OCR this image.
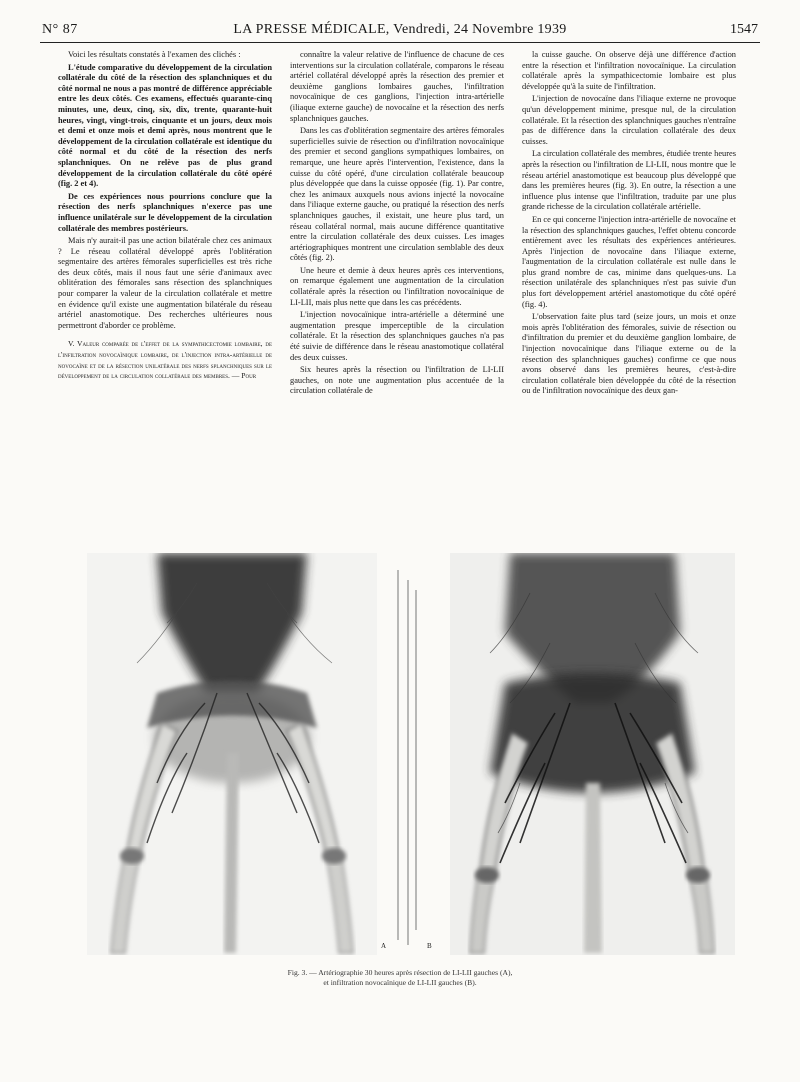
N° 87	LA PRESSE MÉDICALE, Vendredi, 24 Novembre 1939	1547

Voici les résultats constatés à l'examen des clichés :

L'étude comparative du développement de la circulation collatérale du côté de la résection des splanchniques et du côté normal ne nous a pas montré de différence appréciable entre les deux côtés. Ces examens, effectués quarante-cinq minutes, une, deux, cinq, six, dix, trente, quarante-huit heures, vingt, vingt-trois, cinquante et un jours, deux mois et demi et onze mois et demi après, nous montrent que le développement de la circulation collatérale est identique du côté normal et du côté de la résection des nerfs splanchniques. On ne relève pas de plus grand développement de la circulation collatérale du côté opéré (fig. 2 et 4).

De ces expériences nous pourrions conclure que la résection des nerfs splanchniques n'exerce pas une influence unilatérale sur le développement de la circulation collatérale des membres postérieurs.

Mais n'y aurait-il pas une action bilatérale chez ces animaux ? Le réseau collatéral développé après l'oblitération segmentaire des artères fémorales superficielles est très riche des deux côtés, mais il nous faut une série d'animaux avec oblitération des fémorales sans résection des splanchniques pour comparer la valeur de la circulation collatérale et mettre en évidence qu'il existe une augmentation bilatérale du réseau artériel anastomotique. Des recherches ultérieures nous permettront d'aborder ce problème.

V. Valeur comparée de l'effet de la sympathicectomie lombaire, de l'infiltration novocaïnique lombaire, de l'injection intra-artérielle de novocaïne et de la résection unilatérale des nerfs splanchniques sur le développement de la circulation collatérale des membres. — Pour

connaître la valeur relative de l'influence de chacune de ces interventions sur la circulation collatérale, comparons le réseau artériel collatéral développé après la résection des premier et deuxième ganglions lombaires gauches, l'infiltration novocaïnique de ces ganglions, l'injection intra-artérielle (iliaque externe gauche) de novocaïne et la résection des nerfs splanchniques gauches.

Dans les cas d'oblitération segmentaire des artères fémorales superficielles suivie de résection ou d'infiltration novocaïnique des premier et second ganglions sympathiques lombaires, on remarque, une heure après l'intervention, l'existence, dans la cuisse du côté opéré, d'une circulation collatérale beaucoup plus développée que dans la cuisse opposée (fig. 1). Par contre, chez les animaux auxquels nous avions injecté la novocaïne dans l'iliaque externe gauche, ou pratiqué la résection des nerfs splanchniques gauches, il existait, une heure plus tard, un réseau collatéral normal, mais aucune différence quantitative entre la circulation collatérale des deux cuisses. Les images artériographiques montrent une circulation semblable des deux côtés (fig. 2).

Une heure et demie à deux heures après ces interventions, on remarque également une augmentation de la circulation collatérale après la résection ou l'infiltration novocaïnique de LI-LII, mais plus nette que dans les cas précédents.

L'injection novocaïnique intra-artérielle a déterminé une augmentation presque imperceptible de la circulation collatérale. Et la résection des splanchniques gauches n'a pas été suivie de différence dans le réseau anastomotique collatéral des deux cuisses.

Six heures après la résection ou l'infiltration de LI-LII gauches, on note une augmentation plus accentuée de la circulation collatérale de

la cuisse gauche. On observe déjà une différence d'action entre la résection et l'infiltration novocaïnique. La circulation collatérale après la sympathicectomie lombaire est plus développée qu'à la suite de l'infiltration.

L'injection de novocaïne dans l'iliaque externe ne provoque qu'un développement minime, presque nul, de la circulation collatérale. Et la résection des splanchniques gauches n'entraîne pas de différence dans la circulation collatérale des deux cuisses.

La circulation collatérale des membres, étudiée trente heures après la résection ou l'infiltration de LI-LII, nous montre que le réseau artériel anastomotique est beaucoup plus développé que dans les premières heures (fig. 3). En outre, la résection a une influence plus intense que l'infiltration, traduite par une plus grande richesse de la circulation collatérale artérielle.

En ce qui concerne l'injection intra-artérielle de novocaïne et la résection des splanchniques gauches, l'effet obtenu concorde entièrement avec les résultats des expériences antérieures. Après l'injection de novocaïne dans l'iliaque externe, l'augmentation de la circulation collatérale est nulle dans le plus grand nombre de cas, minime dans quelques-uns. La résection unilatérale des splanchniques n'est pas suivie d'un plus fort développement artériel anastomotique du côté opéré (fig. 4).

L'observation faite plus tard (seize jours, un mois et onze mois après l'oblitération des fémorales, suivie de résection ou d'infiltration du premier et du deuxième ganglion lombaire, de l'injection novocaïnique dans l'iliaque externe ou de la résection des splanchniques gauches) confirme ce que nous avons observé dans les premières heures, c'est-à-dire circulation collatérale bien développée du côté de la résection ou de l'infiltration novocaïnique des deux gan-

A	B
Fig. 3. — Artériographie 30 heures après résection de LI-LII gauches (A),
et infiltration novocaïnique de LI-LII gauches (B).
